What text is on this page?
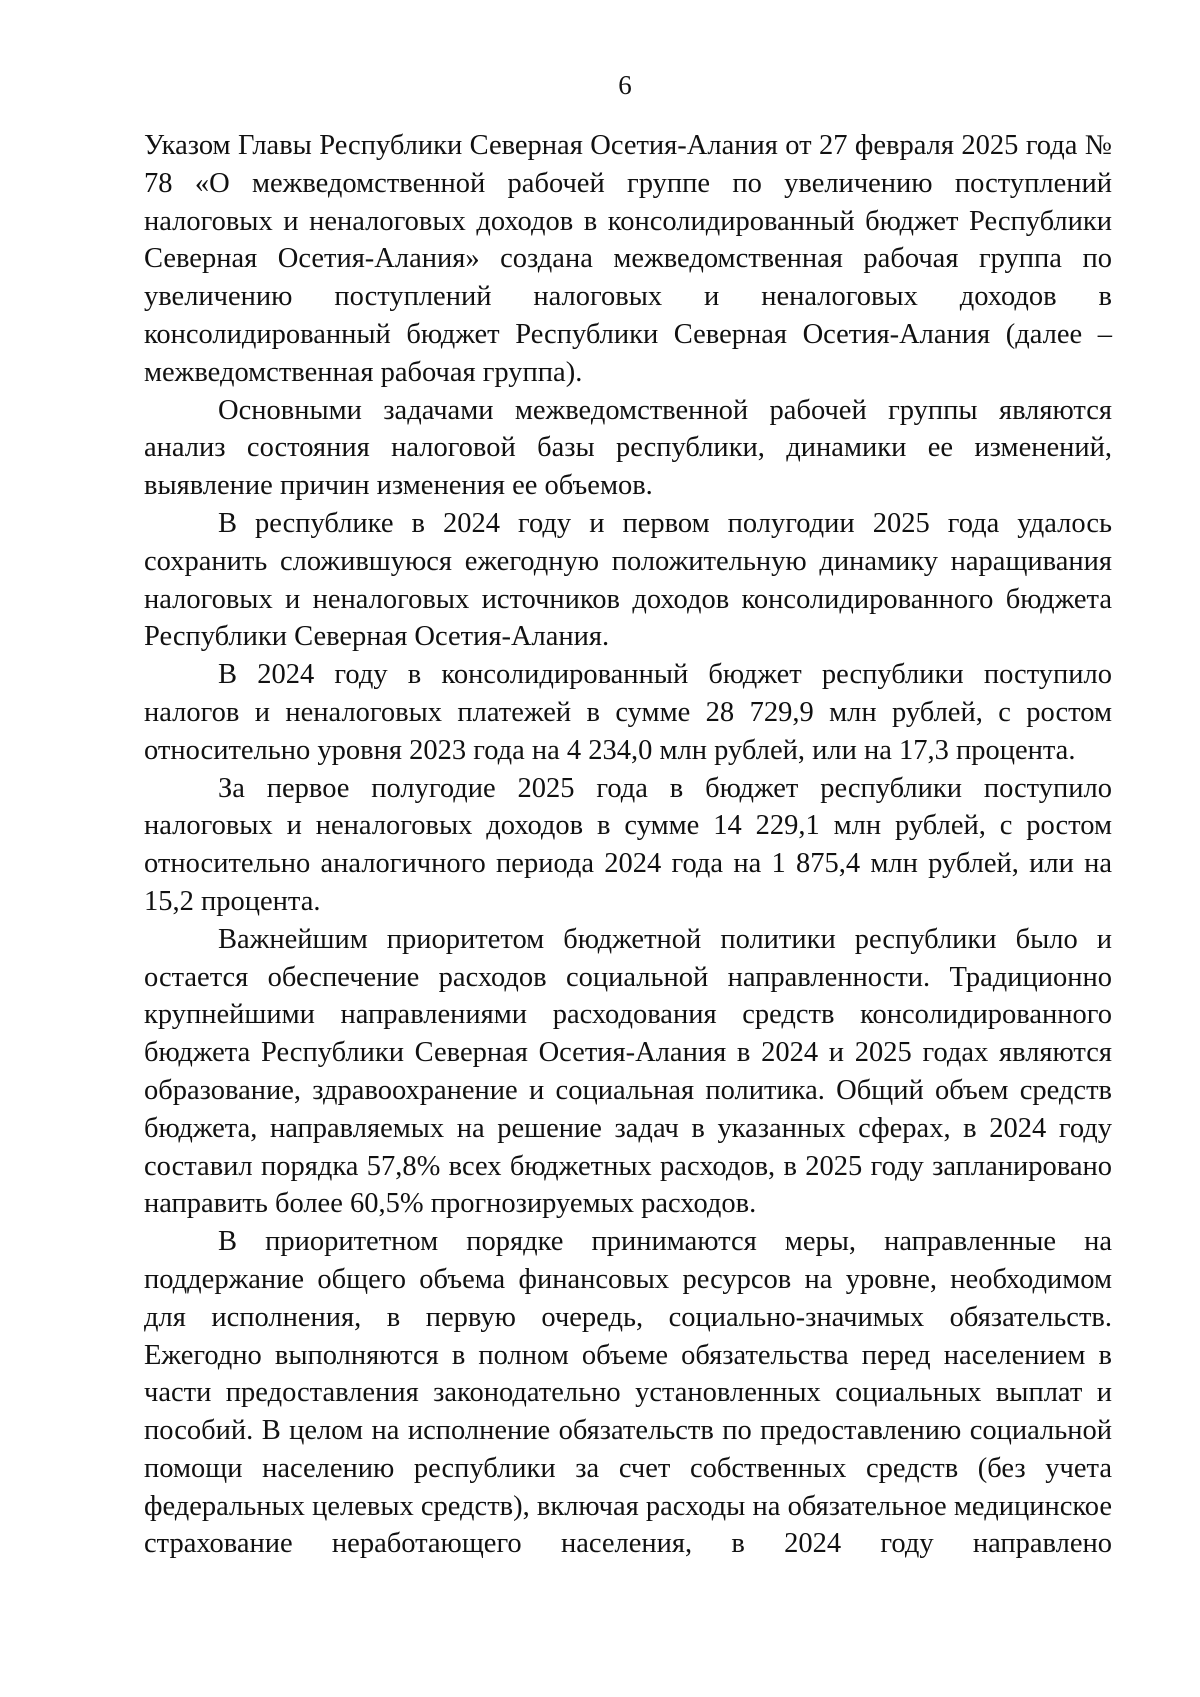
6

Указом Главы Республики Северная Осетия-Алания от 27 февраля 2025 года № 78 «О межведомственной рабочей группе по увеличению поступлений налоговых и неналоговых доходов в консолидированный бюджет Республики Северная Осетия-Алания» создана межведомственная рабочая группа по увеличению поступлений налоговых и неналоговых доходов в консолидированный бюджет Республики Северная Осетия-Алания (далее – межведомственная рабочая группа).

Основными задачами межведомственной рабочей группы являются анализ состояния налоговой базы республики, динамики ее изменений, выявление причин изменения ее объемов.

В республике в 2024 году и первом полугодии 2025 года удалось сохранить сложившуюся ежегодную положительную динамику наращивания налоговых и неналоговых источников доходов консолидированного бюджета Республики Северная Осетия-Алания.

В 2024 году в консолидированный бюджет республики поступило налогов и неналоговых платежей в сумме 28 729,9 млн рублей, с ростом относительно уровня 2023 года на 4 234,0 млн рублей, или на 17,3 процента.

За первое полугодие 2025 года в бюджет республики поступило налоговых и неналоговых доходов в сумме 14 229,1 млн рублей, с ростом относительно аналогичного периода 2024 года на 1 875,4 млн рублей, или на 15,2 процента.

Важнейшим приоритетом бюджетной политики республики было и остается обеспечение расходов социальной направленности. Традиционно крупнейшими направлениями расходования средств консолидированного бюджета Республики Северная Осетия-Алания в 2024 и 2025 годах являются образование, здравоохранение и социальная политика. Общий объем средств бюджета, направляемых на решение задач в указанных сферах, в 2024 году составил порядка 57,8% всех бюджетных расходов, в 2025 году запланировано направить более 60,5% прогнозируемых расходов.

В приоритетном порядке принимаются меры, направленные на поддержание общего объема финансовых ресурсов на уровне, необходимом для исполнения, в первую очередь, социально-значимых обязательств. Ежегодно выполняются в полном объеме обязательства перед населением в части предоставления законодательно установленных социальных выплат и пособий. В целом на исполнение обязательств по предоставлению социальной помощи населению республики за счет собственных средств (без учета федеральных целевых средств), включая расходы на обязательное медицинское страхование неработающего населения, в 2024 году направлено
